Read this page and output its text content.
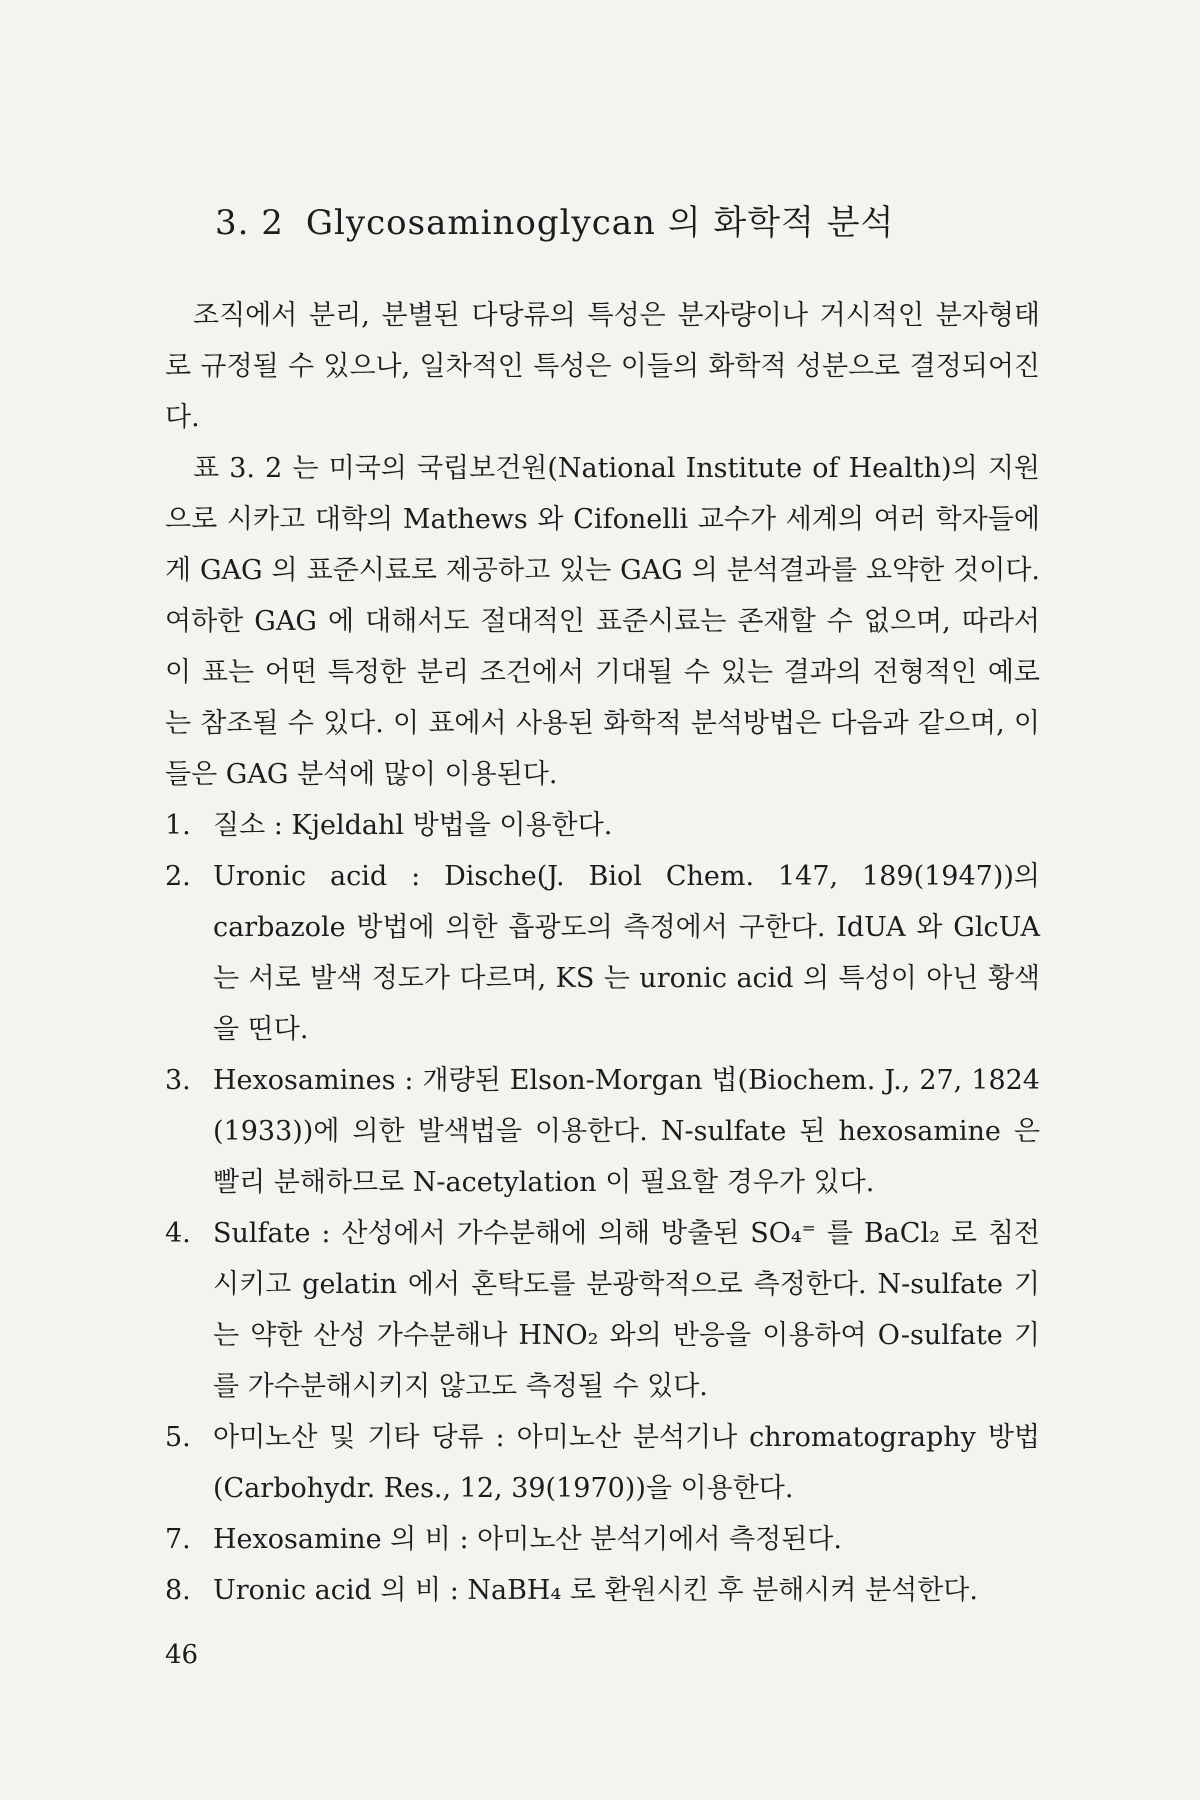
3. 2 Glycosaminoglycan 의 화학적 분석

조직에서 분리, 분별된 다당류의 특성은 분자량이나 거시적인 분자형태로 규정될 수 있으나, 일차적인 특성은 이들의 화학적 성분으로 결정되어진다.

표 3. 2 는 미국의 국립보건원(National Institute of Health)의 지원으로 시카고 대학의 Mathews 와 Cifonelli 교수가 세계의 여러 학자들에게 GAG 의 표준시료로 제공하고 있는 GAG 의 분석결과를 요약한 것이다. 여하한 GAG 에 대해서도 절대적인 표준시료는 존재할 수 없으며, 따라서 이 표는 어떤 특정한 분리 조건에서 기대될 수 있는 결과의 전형적인 예로는 참조될 수 있다. 이 표에서 사용된 화학적 분석방법은 다음과 같으며, 이들은 GAG 분석에 많이 이용된다.

1. 질소 : Kjeldahl 방법을 이용한다.
2. Uronic acid : Dische(J. Biol Chem. 147, 189(1947))의 carbazole 방법에 의한 흡광도의 측정에서 구한다. IdUA 와 GlcUA 는 서로 발색 정도가 다르며, KS 는 uronic acid 의 특성이 아닌 황색을 띤다.
3. Hexosamines : 개량된 Elson-Morgan 법(Biochem. J., 27, 1824 (1933))에 의한 발색법을 이용한다. N-sulfate 된 hexosamine 은 빨리 분해하므로 N-acetylation 이 필요할 경우가 있다.
4. Sulfate : 산성에서 가수분해에 의해 방출된 SO₄⁼ 를 BaCl₂ 로 침전시키고 gelatin 에서 혼탁도를 분광학적으로 측정한다. N-sulfate 기는 약한 산성 가수분해나 HNO₂ 와의 반응을 이용하여 O-sulfate 기를 가수분해시키지 않고도 측정될 수 있다.
5. 아미노산 및 기타 당류 : 아미노산 분석기나 chromatography 방법(Carbohydr. Res., 12, 39(1970))을 이용한다.
7. Hexosamine 의 비 : 아미노산 분석기에서 측정된다.
8. Uronic acid 의 비 : NaBH₄ 로 환원시킨 후 분해시켜 분석한다.
46
